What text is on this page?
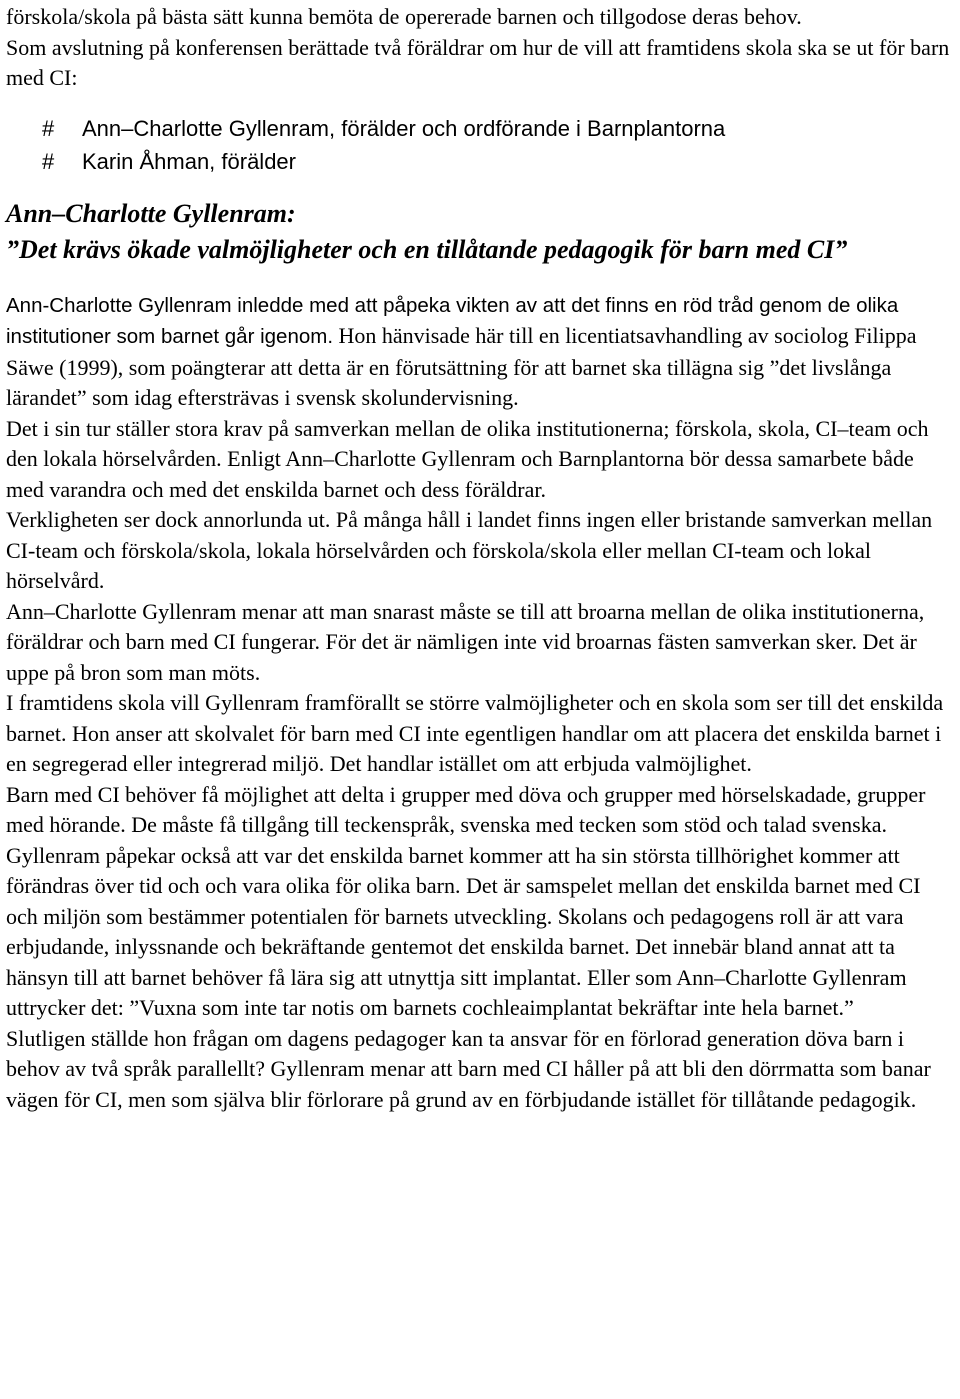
förskola/skola på bästa sätt kunna bemöta de opererade barnen och tillgodose deras behov.

Som avslutning på konferensen berättade två föräldrar om hur de vill att framtidens skola ska se ut för barn med CI:

# Ann–Charlotte Gyllenram, förälder och ordförande i Barnplantorna
# Karin Åhman, förälder

Ann–Charlotte Gyllenram:

”Det krävs ökade valmöjligheter och en tillåtande pedagogik för barn med CI”

Ann-Charlotte Gyllenram inledde med att påpeka vikten av att det finns en röd tråd genom de olika institutioner som barnet går igenom. Hon hänvisade här till en licentiatsavhandling av sociolog Filippa Säwe (1999), som poängterar att detta är en förutsättning för att barnet ska tillägna sig ”det livslånga lärandet” som idag eftersträvas i svensk skolundervisning.

Det i sin tur ställer stora krav på samverkan mellan de olika institutionerna; förskola, skola, CI–team och den lokala hörselvården. Enligt Ann–Charlotte Gyllenram och Barnplantorna bör dessa samarbete både med varandra och med det enskilda barnet och dess föräldrar.

Verkligheten ser dock annorlunda ut. På många håll i landet finns ingen eller bristande samverkan mellan CI-team och förskola/skola, lokala hörselvården och förskola/skola eller mellan CI-team och lokal hörselvård.

Ann–Charlotte Gyllenram menar att man snarast måste se till att broarna mellan de olika institutionerna, föräldrar och barn med CI fungerar. För det är nämligen inte vid broarnas fästen samverkan sker. Det är uppe på bron som man möts.

I framtidens skola vill Gyllenram framförallt se större valmöjligheter och en skola som ser till det enskilda barnet. Hon anser att skolvalet för barn med CI inte egentligen handlar om att placera det enskilda barnet i en segregerad eller integrerad miljö. Det handlar istället om att erbjuda valmöjlighet.

Barn med CI behöver få möjlighet att delta i grupper med döva och grupper med hörselskadade, grupper med hörande. De måste få tillgång till teckenspråk, svenska med tecken som stöd och talad svenska.

Gyllenram påpekar också att var det enskilda barnet kommer att ha sin största tillhörighet kommer att förändras över tid och och vara olika för olika barn. Det är samspelet mellan det enskilda barnet med CI och miljön som bestämmer potentialen för barnets utveckling. Skolans och pedagogens roll är att vara erbjudande, inlyssnande och bekräftande gentemot det enskilda barnet. Det innebär bland annat att ta hänsyn till att barnet behöver få lära sig att utnyttja sitt implantat. Eller som Ann–Charlotte Gyllenram uttrycker det: ”Vuxna som inte tar notis om barnets cochleaimplantat bekräftar inte hela barnet.”

Slutligen ställde hon frågan om dagens pedagoger kan ta ansvar för en förlorad generation döva barn i behov av två språk parallellt? Gyllenram menar att barn med CI håller på att bli den dörrmatta som banar vägen för CI, men som själva blir förlorare på grund av en förbjudande istället för tillåtande pedagogik.
